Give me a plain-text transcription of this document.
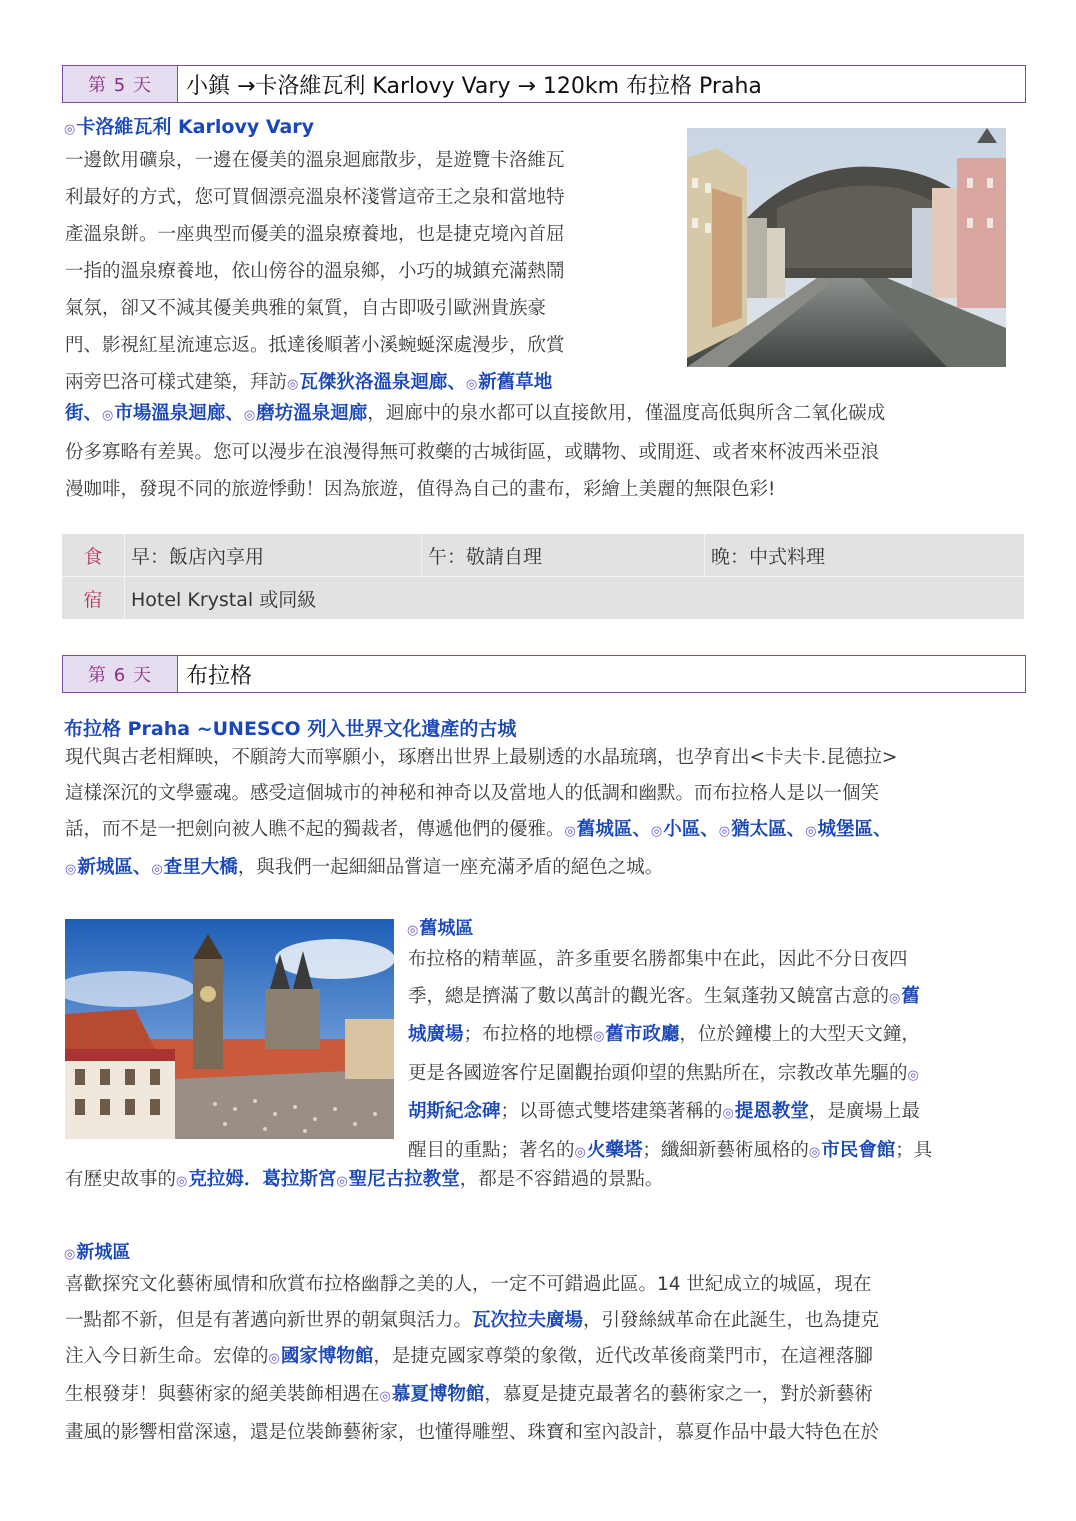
第 5 天	小鎮 →卡洛維瓦利 Karlovy Vary → 120km 布拉格 Praha
◎卡洛維瓦利 Karlovy Vary
一邊飲用礦泉，一邊在優美的溫泉迴廊散步，是遊覽卡洛維瓦
利最好的方式，您可買個漂亮溫泉杯淺嘗這帝王之泉和當地特
產溫泉餅。一座典型而優美的溫泉療養地，也是捷克境內首屈
一指的溫泉療養地，依山傍谷的溫泉鄉，小巧的城鎮充滿熱鬧
氣氛，卻又不減其優美典雅的氣質，自古即吸引歐洲貴族豪
門、影視紅星流連忘返。抵達後順著小溪蜿蜒深處漫步，欣賞
兩旁巴洛可樣式建築，拜訪◎瓦傑狄洛溫泉迴廊、◎新舊草地
街、◎市場溫泉迴廊、◎磨坊溫泉迴廊，迴廊中的泉水都可以直接飲用，僅溫度高低與所含二氧化碳成
份多寡略有差異。您可以漫步在浪漫得無可救藥的古城街區，或購物、或閒逛、或者來杯波西米亞浪
漫咖啡，發現不同的旅遊悸動！因為旅遊，值得為自己的畫布，彩繪上美麗的無限色彩!
食	早：飯店內享用	午：敬請自理	晚：中式料理
宿	Hotel Krystal 或同級
第 6 天	布拉格
布拉格 Praha ~UNESCO 列入世界文化遺產的古城
現代與古老相輝映，不願誇大而寧願小，琢磨出世界上最剔透的水晶琉璃，也孕育出<卡夫卡.昆德拉>
這樣深沉的文學靈魂。感受這個城市的神秘和神奇以及當地人的低調和幽默。而布拉格人是以一個笑
話，而不是一把劍向被人瞧不起的獨裁者，傳遞他們的優雅。◎舊城區、◎小區、◎猶太區、◎城堡區、
◎新城區、◎查里大橋，與我們一起細細品嘗這一座充滿矛盾的絕色之城。
◎舊城區
布拉格的精華區，許多重要名勝都集中在此，因此不分日夜四
季，總是擠滿了數以萬計的觀光客。生氣蓬勃又饒富古意的◎舊
城廣場；布拉格的地標◎舊市政廳，位於鐘樓上的大型天文鐘，
更是各國遊客佇足圍觀抬頭仰望的焦點所在，宗教改革先驅的◎
胡斯紀念碑；以哥德式雙塔建築著稱的◎提恩教堂，是廣場上最
醒目的重點；著名的◎火藥塔；纖細新藝術風格的◎市民會館；具
有歷史故事的◎克拉姆．葛拉斯宮◎聖尼古拉教堂，都是不容錯過的景點。
◎新城區
喜歡探究文化藝術風情和欣賞布拉格幽靜之美的人，一定不可錯過此區。14 世紀成立的城區，現在
一點都不新，但是有著邁向新世界的朝氣與活力。瓦次拉夫廣場，引發絲絨革命在此誕生，也為捷克
注入今日新生命。宏偉的◎國家博物館，是捷克國家尊榮的象徵，近代改革後商業門市，在這裡落腳
生根發芽！與藝術家的絕美裝飾相遇在◎慕夏博物館，慕夏是捷克最著名的藝術家之一，對於新藝術
畫風的影響相當深遠，還是位裝飾藝術家，也懂得雕塑、珠寶和室內設計，慕夏作品中最大特色在於
